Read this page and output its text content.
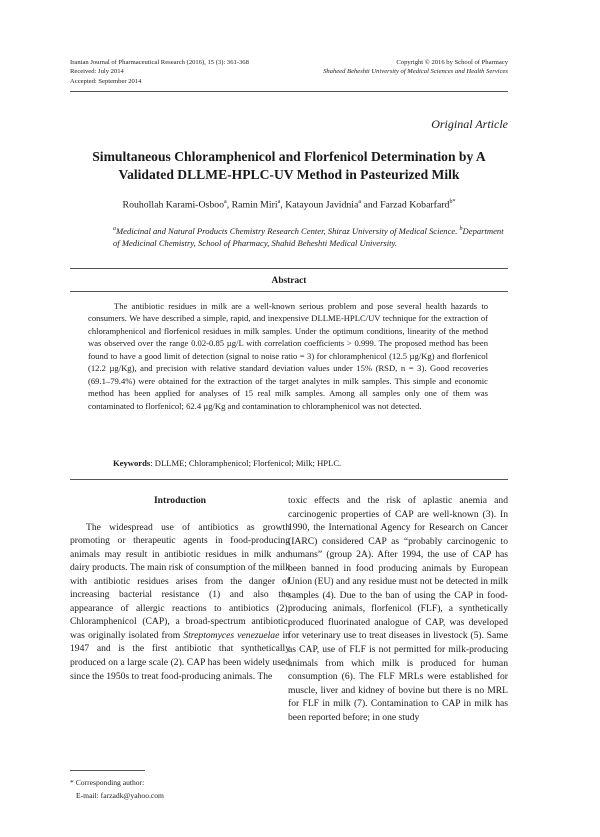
Iranian Journal of Pharmaceutical Research (2016), 15 (3): 361-368
Received: July 2014
Accepted: September 2014
Copyright © 2016 by School of Pharmacy
Shaheed Beheshti University of Medical Sciences and Health Services
Original Article
Simultaneous Chloramphenicol and Florfenicol Determination by A
Validated DLLME-HPLC-UV Method in Pasteurized Milk
Rouhollah Karami-Osboo$^a$, Ramin Miri$^a$, Katayoun Javidnia$^a$ and Farzad Kobarfard$^{b*}$
$^a$Medicinal and Natural Products Chemistry Research Center, Shiraz University of Medical Science. $^b$Department of Medicinal Chemistry, School of Pharmacy, Shahid Beheshti Medical University.
Abstract

The antibiotic residues in milk are a well-known serious problem and pose several health hazards to consumers. We have described a simple, rapid, and inexpensive DLLME-HPLC/UV technique for the extraction of chloramphenicol and florfenicol residues in milk samples. Under the optimum conditions, linearity of the method was observed over the range 0.02-0.85 µg/L with correlation coefficients > 0.999. The proposed method has been found to have a good limit of detection (signal to noise ratio = 3) for chloramphenicol (12.5 µg/Kg) and florfenicol (12.2 µg/Kg), and precision with relative standard deviation values under 15% (RSD, n = 3). Good recoveries (69.1–79.4%) were obtained for the extraction of the target analytes in milk samples. This simple and economic method has been applied for analyses of 15 real milk samples. Among all samples only one of them was contaminated to florfenicol; 62.4 µg/Kg and contamination to chloramphenicol was not detected.

Keywords: DLLME; Chloramphenicol; Florfenicol; Milk; HPLC.
Introduction

The widespread use of antibiotics as growth promoting or therapeutic agents in food-producing animals may result in antibiotic residues in milk and dairy products. The main risk of consumption of the milk with antibiotic residues arises from the danger of increasing bacterial resistance (1) and also the appearance of allergic reactions to antibiotics (2). Chloramphenicol (CAP), a broad-spectrum antibiotic, was originally isolated from Streptomyces venezuelae in 1947 and is the first antibiotic that synthetically produced on a large scale (2). CAP has been widely used since the 1950s to treat food-producing animals. The

toxic effects and the risk of aplastic anemia and carcinogenic properties of CAP are well-known (3). In 1990, the International Agency for Research on Cancer (IARC) considered CAP as “probably carcinogenic to humans” (group 2A). After 1994, the use of CAP has been banned in food producing animals by European Union (EU) and any residue must not be detected in milk samples (4). Due to the ban of using the CAP in food-producing animals, florfenicol (FLF), a synthetically produced fluorinated analogue of CAP, was developed for veterinary use to treat diseases in livestock (5). Same as CAP, use of FLF is not permitted for milk-producing animals from which milk is produced for human consumption (6). The FLF MRLs were established for muscle, liver and kidney of bovine but there is no MRL for FLF in milk (7). Contamination to CAP in milk has been reported before; in one study

* Corresponding author:
E-mail: farzadk@yahoo.com
